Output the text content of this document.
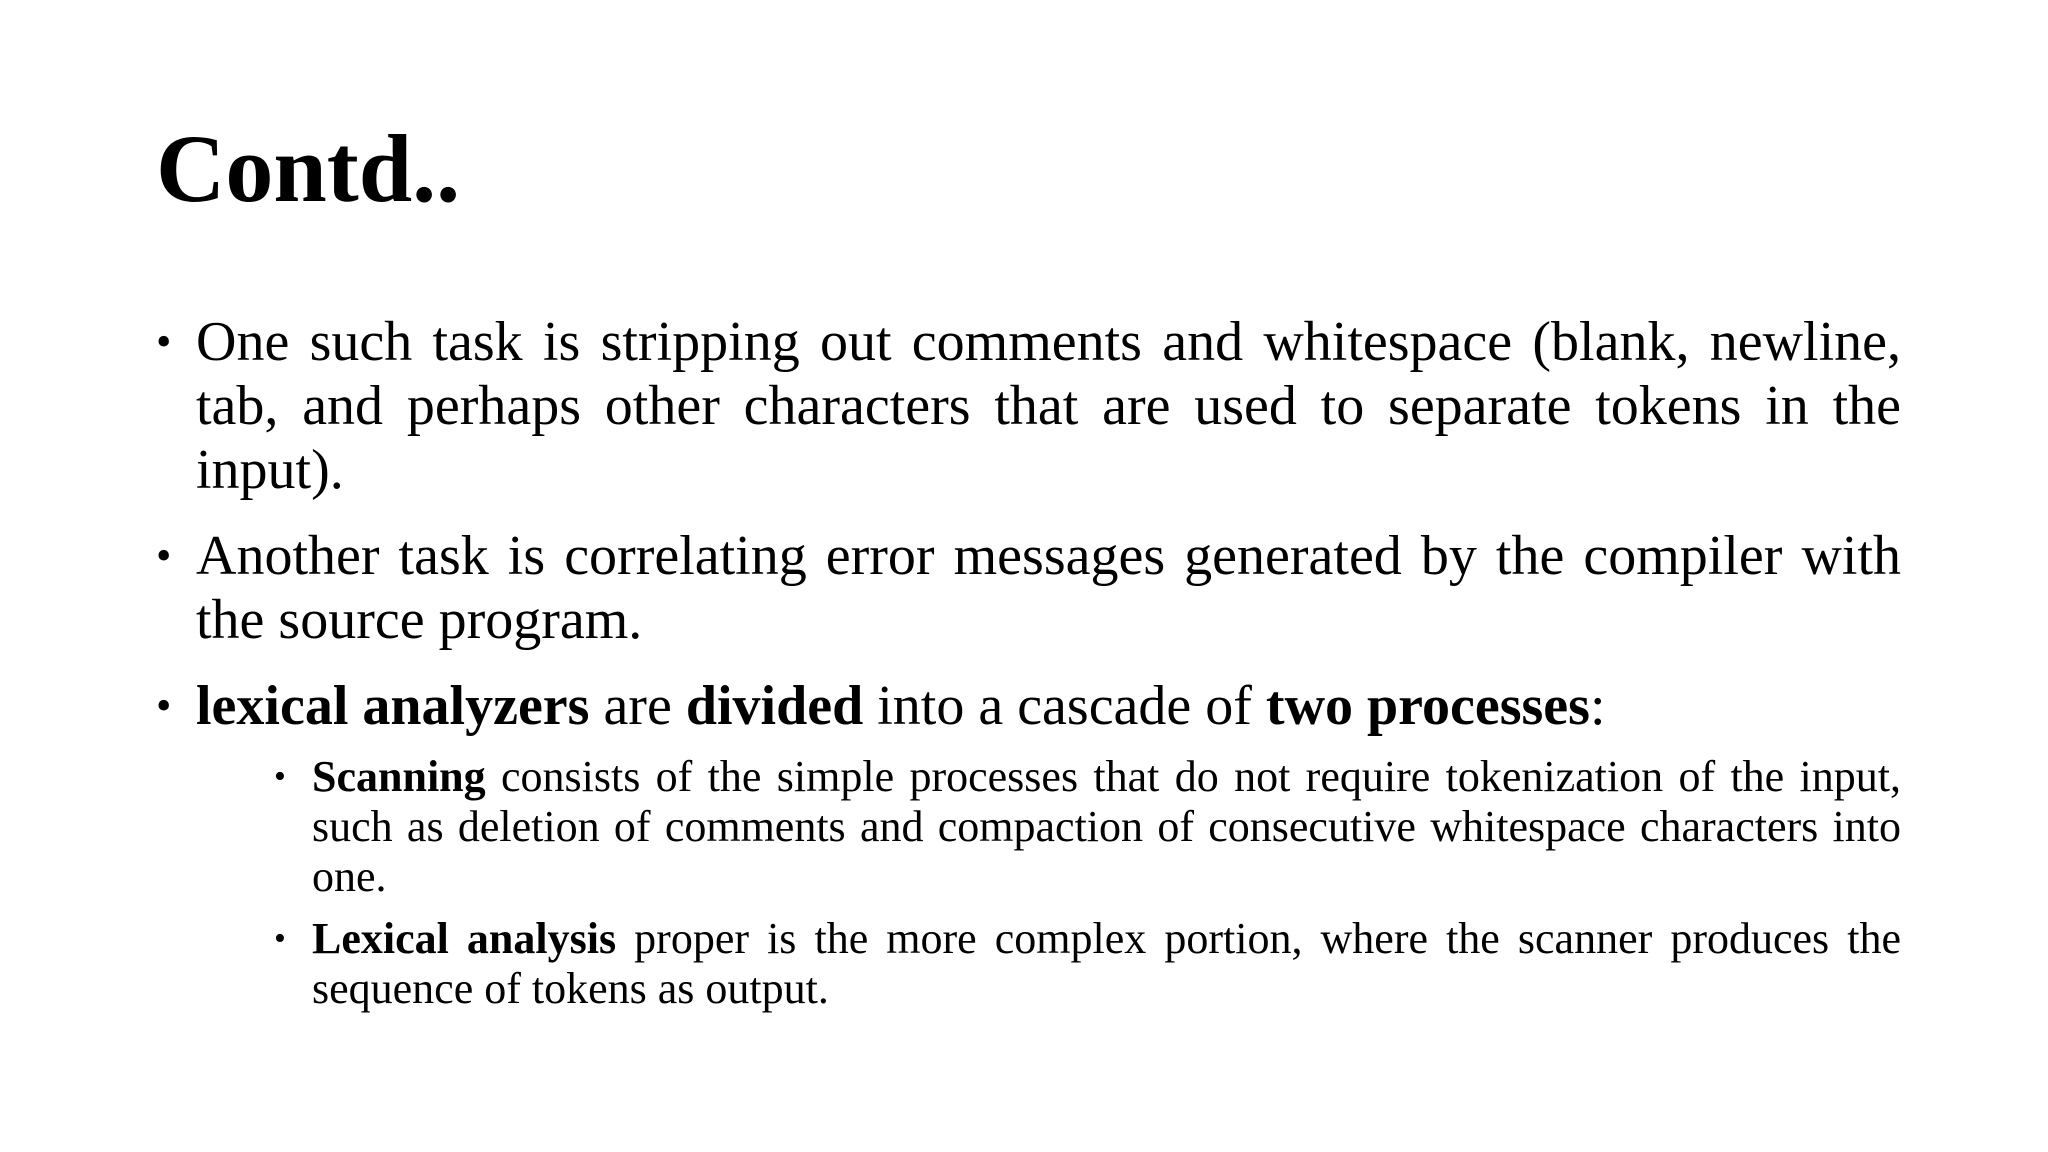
Contd..
• One such task is stripping out comments and whitespace (blank, newline, tab, and perhaps other characters that are used to separate tokens in the input).
• Another task is correlating error messages generated by the compiler with the source program.
• lexical analyzers are divided into a cascade of two processes:
• Scanning consists of the simple processes that do not require tokenization of the input, such as deletion of comments and compaction of consecutive whitespace characters into one.
• Lexical analysis proper is the more complex portion, where the scanner produces the sequence of tokens as output.
